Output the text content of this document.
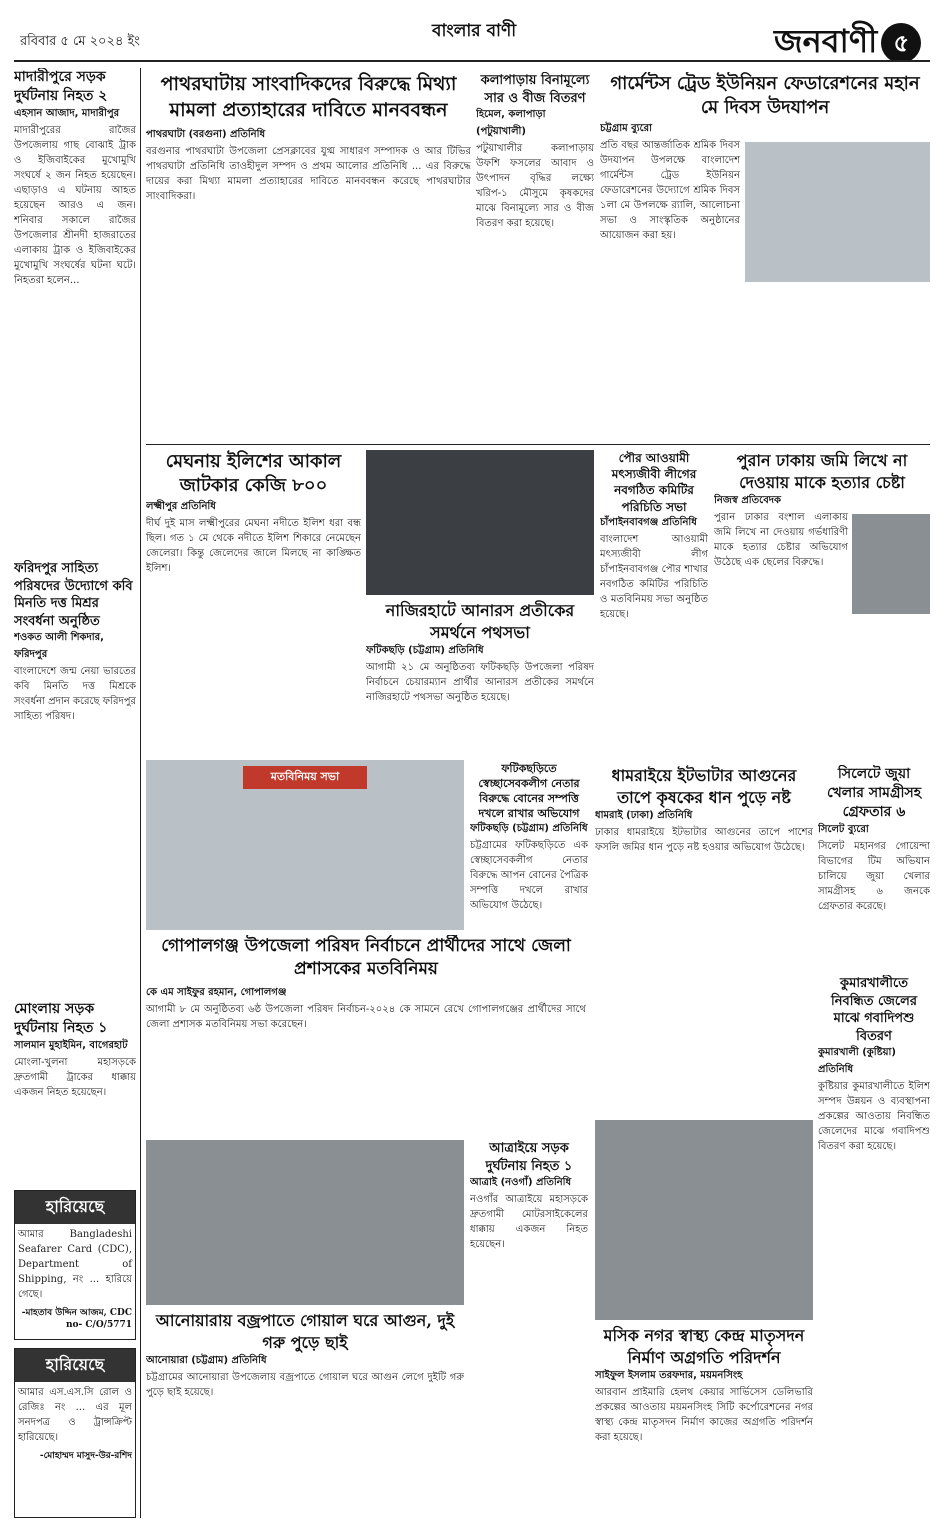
রবিবার ৫ মে ২০২৪ ইং
বাংলার বাণী	জনবাণী ৫
মাদারীপুরে সড়ক দুর্ঘটনায় নিহত ২
এহসান আজাদ, মাদারীপুর
মাদারীপুরের রাজৈর উপজেলায় গাছ বোঝাই ট্রাক ও ইজিবাইকের মুখোমুখি সংঘর্ষে ২ জন নিহত হয়েছেন। এছাড়াও এ ঘটনায় আহত হয়েছেন আরও এ জন। শনিবার সকালে রাজৈর উপজেলার শ্রীনদী হাজরাতের এলাকায় ট্রাক ও ইজিবাইকের মুখোমুখি সংঘর্ষের ঘটনা ঘটে। নিহতরা হলেন...
ফরিদপুর সাহিত্য পরিষদের উদ্যোগে কবি মিনতি দত্ত মিশ্রর সংবর্ধনা অনুষ্ঠিত
শওকত আলী শিকদার, ফরিদপুর
বাংলাদেশে জন্ম নেয়া ভারতের কবি মিনতি দত্ত মিশ্রকে সংবর্ধনা প্রদান করেছে ফরিদপুর সাহিত্য পরিষদ।
মোংলায় সড়ক দুর্ঘটনায় নিহত ১
সালমান মুহাইমিন, বাগেরহাট
মোংলা-খুলনা মহাসড়কে দ্রুতগামী ট্রাকের ধাক্কায় একজন নিহত হয়েছেন।
হারিয়েছে
আমার Bangladeshi Seafarer Card (CDC), Department of Shipping, নং ... হারিয়ে গেছে।
-মাহতাব উদ্দিন আজম, CDC no- C/O/5771
হারিয়েছে
আমার এস.এস.সি রোল ও রেজিঃ নং ... এর মূল সনদপত্র ও ট্রান্সক্রিপ্ট হারিয়েছে।
-মোহাম্মদ মাসুদ-উর-রশিদ
পাথরঘাটায় সাংবাদিকদের বিরুদ্ধে মিথ্যা মামলা প্রত্যাহারের দাবিতে মানববন্ধন
পাথরঘাটা (বরগুনা) প্রতিনিধি
বরগুনার পাথরঘাটা উপজেলা প্রেসক্লাবের যুগ্ম সাধারণ সম্পাদক ও আর টিভির পাথরঘাটা প্রতিনিধি তাওহীদুল সম্পদ ও প্রথম আলোর প্রতিনিধি ... এর বিরুদ্ধে দায়ের করা মিথ্যা মামলা প্রত্যাহারের দাবিতে মানববন্ধন করেছে পাথরঘাটার সাংবাদিকরা।
কলাপাড়ায় বিনামূল্যে সার ও বীজ বিতরণ
হিমেল, কলাপাড়া (পটুয়াখালী)
পটুয়াখালীর কলাপাড়ায় উফশি ফসলের আবাদ ও উৎপাদন বৃদ্ধির লক্ষ্যে খরিপ-১ মৌসুমে কৃষকদের মাঝে বিনামূল্যে সার ও বীজ বিতরণ করা হয়েছে।
গার্মেন্টস ট্রেড ইউনিয়ন ফেডারেশনের মহান মে দিবস উদযাপন
চট্টগ্রাম ব্যুরো
প্রতি বছর আন্তর্জাতিক শ্রমিক দিবস উদযাপন উপলক্ষে বাংলাদেশ গার্মেন্টস ট্রেড ইউনিয়ন ফেডারেশনের উদ্যোগে শ্রমিক দিবস ১লা মে উপলক্ষে র‍্যালি, আলোচনা সভা ও সাংস্কৃতিক অনুষ্ঠানের আয়োজন করা হয়।
মেঘনায় ইলিশের আকাল জাটকার কেজি ৮০০
লক্ষ্মীপুর প্রতিনিধি
দীর্ঘ দুই মাস লক্ষ্মীপুরের মেঘনা নদীতে ইলিশ ধরা বন্ধ ছিল। গত ১ মে থেকে নদীতে ইলিশ শিকারে নেমেছেন জেলেরা। কিন্তু জেলেদের জালে মিলছে না কাঙ্ক্ষিত ইলিশ।
নাজিরহাটে আনারস প্রতীকের সমর্থনে পথসভা
ফটিকছড়ি (চট্টগ্রাম) প্রতিনিধি
আগামী ২১ মে অনুষ্ঠিতব্য ফটিকছড়ি উপজেলা পরিষদ নির্বাচনে চেয়ারম্যান প্রার্থীর আনারস প্রতীকের সমর্থনে নাজিরহাটে পথসভা অনুষ্ঠিত হয়েছে।
পৌর আওয়ামী মৎস্যজীবী লীগের নবগঠিত কমিটির পরিচিতি সভা
চাঁপাইনবাবগঞ্জ প্রতিনিধি
বাংলাদেশ আওয়ামী মৎস্যজীবী লীগ চাঁপাইনবাবগঞ্জ পৌর শাখার নবগঠিত কমিটির পরিচিতি ও মতবিনিময় সভা অনুষ্ঠিত হয়েছে।
পুরান ঢাকায় জমি লিখে না দেওয়ায় মাকে হত্যার চেষ্টা
নিজস্ব প্রতিবেদক
পুরান ঢাকার বংশাল এলাকায় জমি লিখে না দেওয়ায় গর্ভধারিণী মাকে হত্যার চেষ্টার অভিযোগ উঠেছে এক ছেলের বিরুদ্ধে।
সিলেটে জুয়া খেলার সামগ্রীসহ গ্রেফতার ৬
সিলেট ব্যুরো
সিলেট মহানগর গোয়েন্দা বিভাগের টিম অভিযান চালিয়ে জুয়া খেলার সামগ্রীসহ ৬ জনকে গ্রেফতার করেছে।
মতবিনিময় সভা
ফটিকছড়িতে স্বেচ্ছাসেবকলীগ নেতার বিরুদ্ধে বোনের সম্পত্তি দখলে রাখার অভিযোগ
ফটিকছড়ি (চট্টগ্রাম) প্রতিনিধি
চট্টগ্রামের ফটিকছড়িতে এক স্বেচ্ছাসেবকলীগ নেতার বিরুদ্ধে আপন বোনের পৈত্রিক সম্পত্তি দখলে রাখার অভিযোগ উঠেছে।
ধামরাইয়ে ইটভাটার আগুনের তাপে কৃষকের ধান পুড়ে নষ্ট
ধামরাই (ঢাকা) প্রতিনিধি
ঢাকার ধামরাইয়ে ইটভাটার আগুনের তাপে পাশের ফসলি জমির ধান পুড়ে নষ্ট হওয়ার অভিযোগ উঠেছে।
গোপালগঞ্জ উপজেলা পরিষদ নির্বাচনে প্রার্থীদের সাথে জেলা প্রশাসকের মতবিনিময়
কে এম সাইফুর রহমান, গোপালগঞ্জ
আগামী ৮ মে অনুষ্ঠিতব্য ৬ষ্ঠ উপজেলা পরিষদ নির্বাচন-২০২৪ কে সামনে রেখে গোপালগঞ্জের প্রার্থীদের সাথে জেলা প্রশাসক মতবিনিময় সভা করেছেন।
কুমারখালীতে নিবন্ধিত জেলের মাঝে গবাদিপশু বিতরণ
কুমারখালী (কুষ্টিয়া) প্রতিনিধি
কুষ্টিয়ার কুমারখালীতে ইলিশ সম্পদ উন্নয়ন ও ব্যবস্থাপনা প্রকল্পের আওতায় নিবন্ধিত জেলেদের মাঝে গবাদিপশু বিতরণ করা হয়েছে।
আনোয়ারায় বজ্রপাতে গোয়াল ঘরে আগুন, দুই গরু পুড়ে ছাই
আনোয়ারা (চট্টগ্রাম) প্রতিনিধি
চট্টগ্রামের আনোয়ারা উপজেলায় বজ্রপাতে গোয়াল ঘরে আগুন লেগে দুইটি গরু পুড়ে ছাই হয়েছে।
আত্রাইয়ে সড়ক দুর্ঘটনায় নিহত ১
আত্রাই (নওগাঁ) প্রতিনিধি
নওগাঁর আত্রাইয়ে মহাসড়কে দ্রুতগামী মোটরসাইকেলের ধাক্কায় একজন নিহত হয়েছেন।
মসিক নগর স্বাস্থ্য কেন্দ্র মাতৃসদন নির্মাণ অগ্রগতি পরিদর্শন
সাইফুল ইসলাম তরফদার, ময়মনসিংহ
আরবান প্রাইমারি হেলথ কেয়ার সার্ভিসেস ডেলিভারি প্রকল্পের আওতায় ময়মনসিংহ সিটি কর্পোরেশনের নগর স্বাস্থ্য কেন্দ্র মাতৃসদন নির্মাণ কাজের অগ্রগতি পরিদর্শন করা হয়েছে।
